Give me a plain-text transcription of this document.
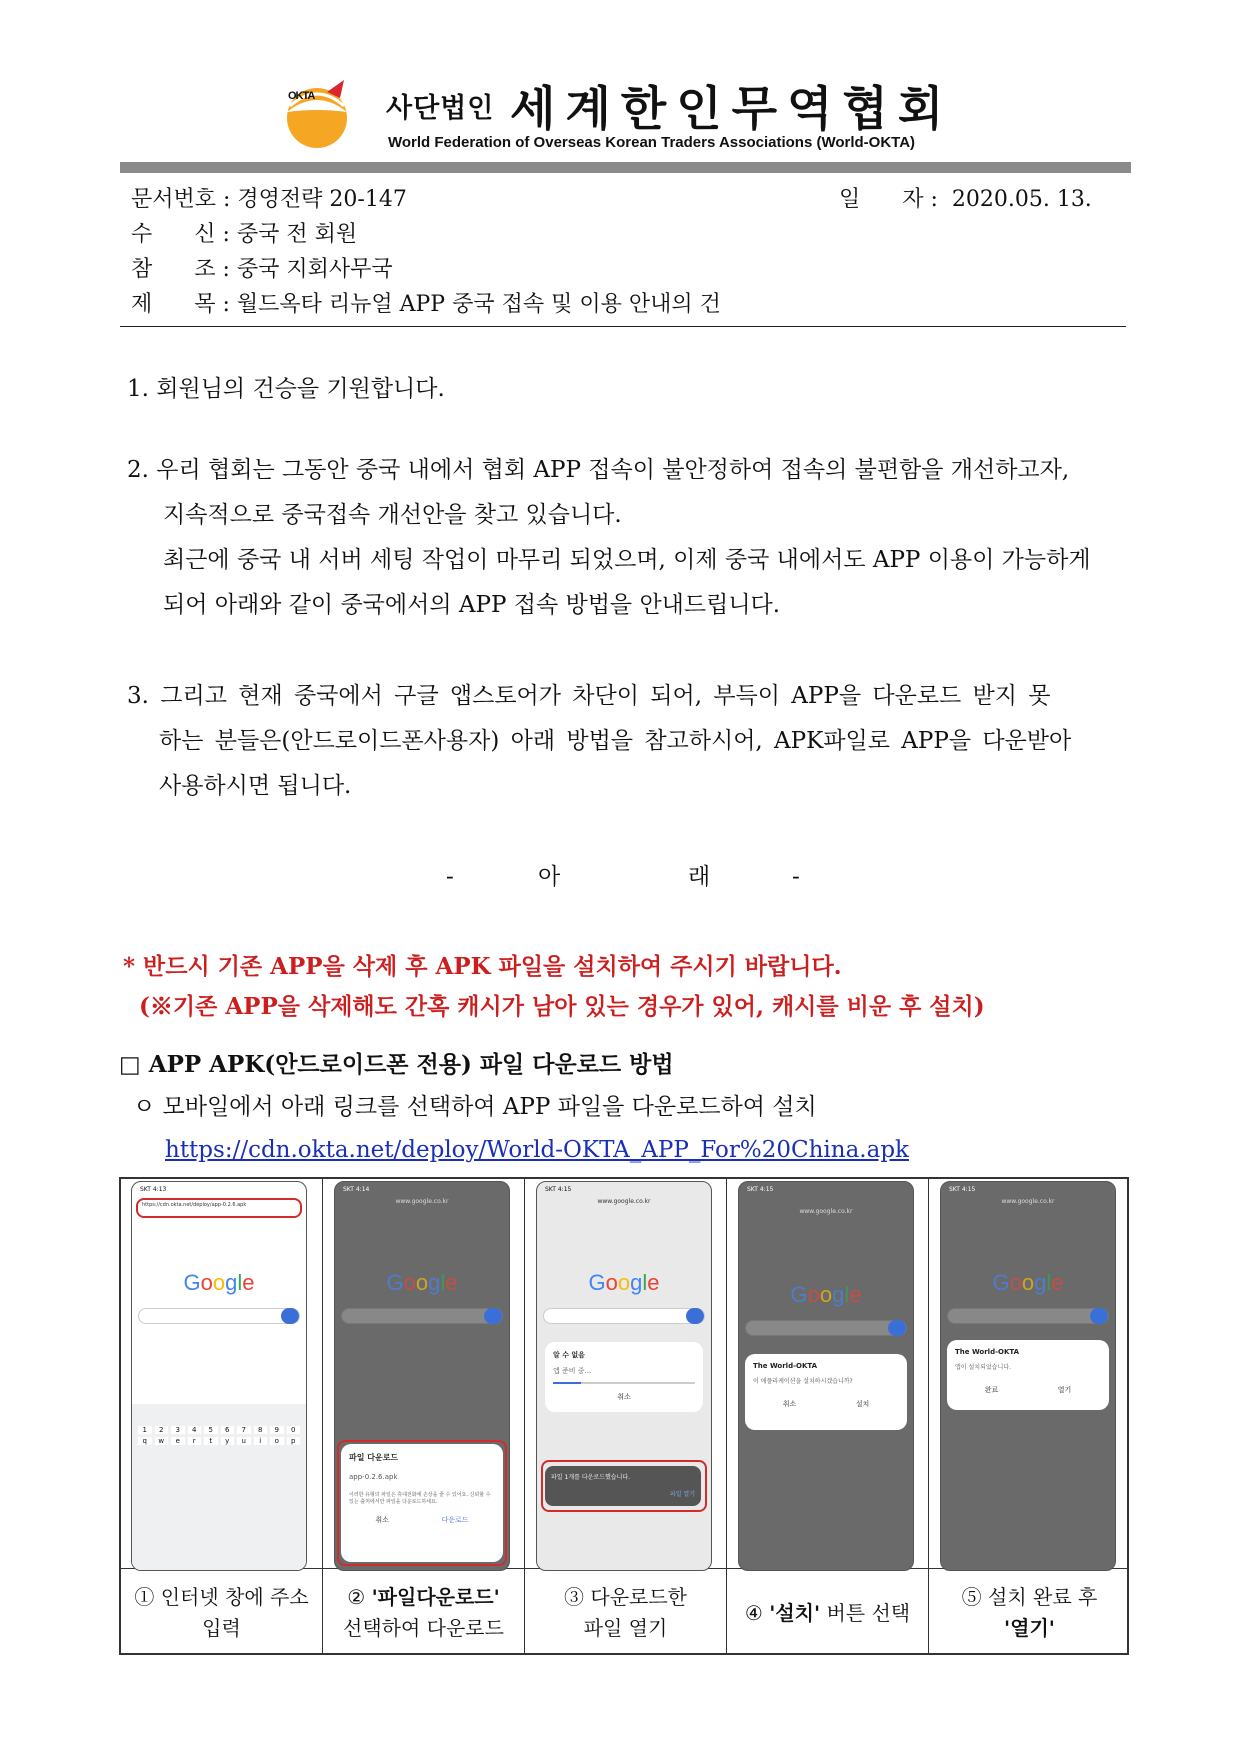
OKTA	사단법인 세계한인무역협회
World Federation of Overseas Korean Traders Associations (World-OKTA)
문서번호 : 경영전략 20-147	일      자 :  2020.05. 13.
수      신 : 중국 전 회원
참      조 : 중국 지회사무국
제      목 : 월드옥타 리뉴얼 APP 중국 접속 및 이용 안내의 건
1. 회원님의 건승을 기원합니다.
2. 우리 협회는 그동안 중국 내에서 협회 APP 접속이 불안정하여 접속의 불편함을 개선하고자,
지속적으로 중국접속 개선안을 찾고 있습니다.
최근에 중국 내 서버 세팅 작업이 마무리 되었으며, 이제 중국 내에서도 APP 이용이 가능하게
되어 아래와 같이 중국에서의 APP 접속 방법을 안내드립니다.
3. 그리고 현재 중국에서 구글 앱스토어가 차단이 되어, 부득이 APP을 다운로드 받지 못
하는 분들은(안드로이드폰사용자) 아래 방법을 참고하시어, APK파일로 APP을 다운받아
사용하시면 됩니다.
-	아	래	-
* 반드시 기존 APP을 삭제 후 APK 파일을 설치하여 주시기 바랍니다.
(※기존 APP을 삭제해도 간혹 캐시가 남아 있는 경우가 있어, 캐시를 비운 후 설치)
□ APP APK(안드로이드폰 전용) 파일 다운로드 방법
ㅇ 모바일에서 아래 링크를 선택하여 APP 파일을 다운로드하여 설치
https://cdn.okta.net/deploy/World-OKTA_APP_For%20China.apk
SKT 4:13
https://cdn.okta.net/deploy/app-0.2.6.apk
Google
1	2	3	4	5	6	7	8	9	0
q	w	e	r	t	y	u	i	o	p
SKT 4:14
www.google.co.kr
Google
파일 다운로드
app-0.2.6.apk
이러한 유형의 파일은 휴대전화에 손상을 줄 수 있어요. 신뢰할 수 있는 출처에서만 파일을 다운로드하세요.
취소	다운로드
SKT 4:15
www.google.co.kr
Google
알 수 없음
앱 준비 중...
취소
파일 1개를 다운로드했습니다.
파일 열기
SKT 4:15
www.google.co.kr
Google
The World-OKTA
이 애플리케이션을 설치하시겠습니까?
취소	설치
SKT 4:15
www.google.co.kr
Google
The World-OKTA
앱이 설치되었습니다.
완료	열기
① 인터넷 창에 주소
입력
② '파일다운로드'
선택하여 다운로드
③ 다운로드한
파일 열기
④ '설치' 버튼 선택
⑤ 설치 완료 후
'열기'
